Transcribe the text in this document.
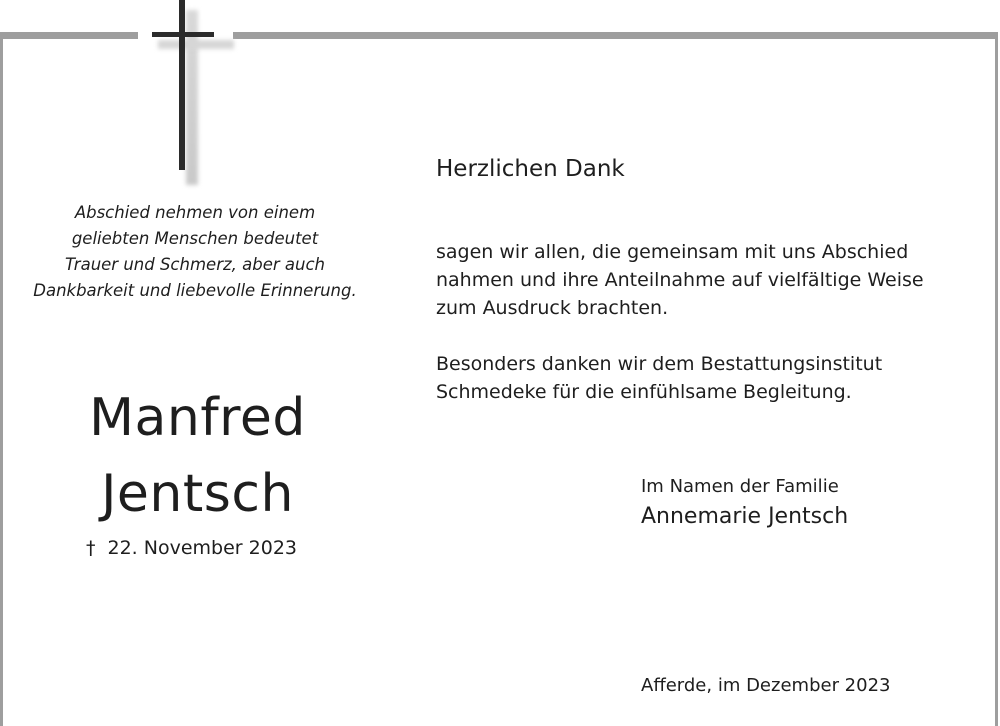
Abschied nehmen von einem
geliebten Menschen bedeutet
Trauer und Schmerz, aber auch
Dankbarkeit und liebevolle Erinnerung.
Manfred
Jentsch
† 22. November 2023
Herzlichen Dank
sagen wir allen, die gemeinsam mit uns Abschied
nahmen und ihre Anteilnahme auf vielfältige Weise
zum Ausdruck brachten.
Besonders danken wir dem Bestattungsinstitut
Schmedeke für die einfühlsame Begleitung.
Im Namen der Familie
Annemarie Jentsch
Afferde, im Dezember 2023
